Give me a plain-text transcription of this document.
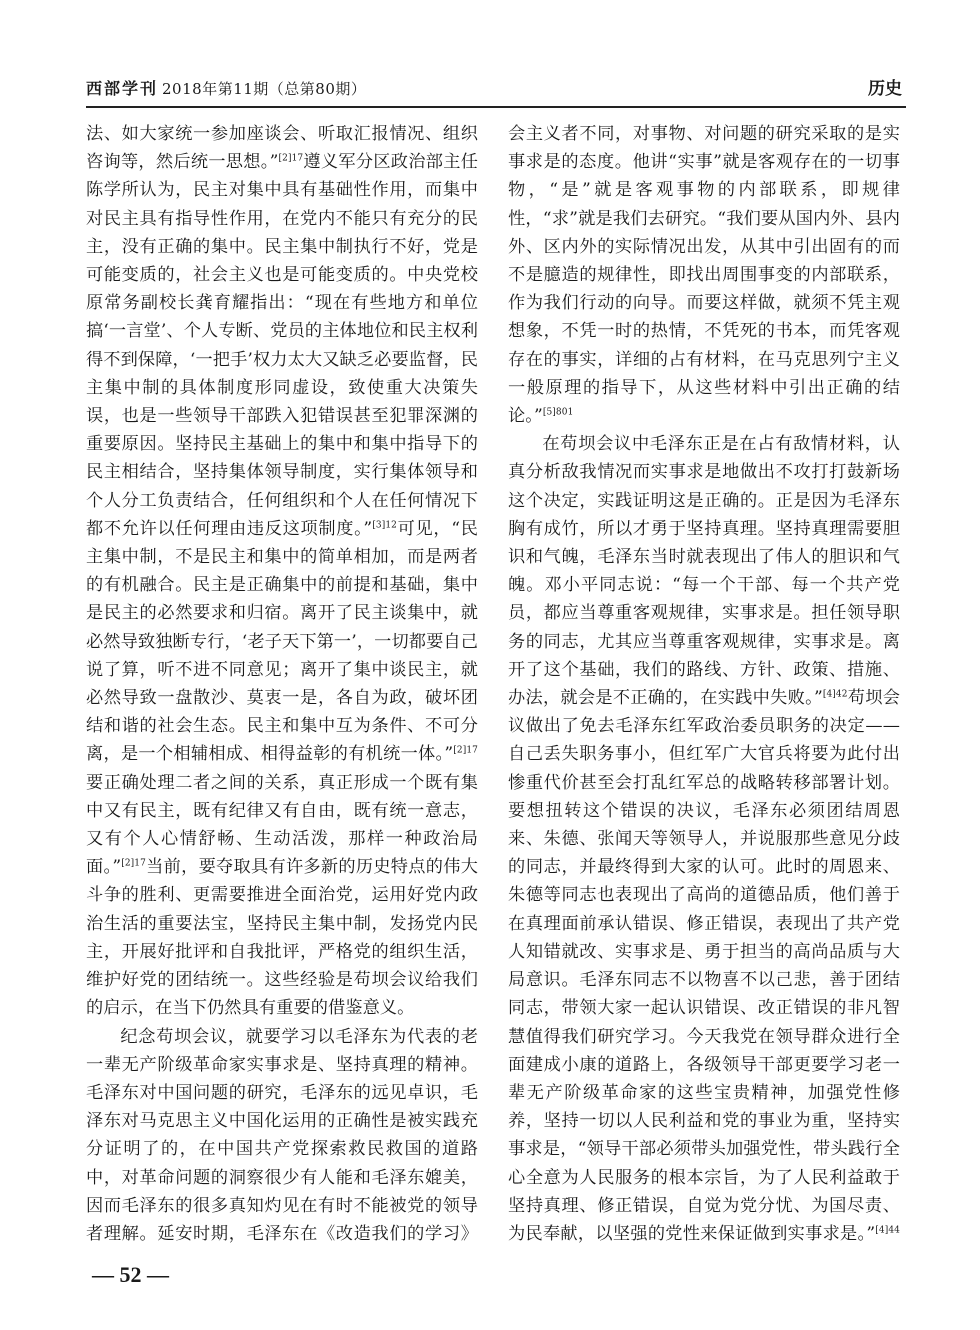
西部学刊 2018年第11期（总第80期）	历史

法、如大家统一参加座谈会、听取汇报情况、组织咨询等，然后统一思想。”$^{[2]17}$遵义军分区政治部主任陈学所认为，民主对集中具有基础性作用，而集中对民主具有指导性作用，在党内不能只有充分的民主，没有正确的集中。民主集中制执行不好，党是可能变质的，社会主义也是可能变质的。中央党校原常务副校长龚育耀指出：“现在有些地方和单位搞‘一言堂’、个人专断、党员的主体地位和民主权利得不到保障，‘一把手’权力太大又缺乏必要监督，民主集中制的具体制度形同虚设，致使重大决策失误，也是一些领导干部跌入犯错误甚至犯罪深渊的重要原因。坚持民主基础上的集中和集中指导下的民主相结合，坚持集体领导制度，实行集体领导和个人分工负责结合，任何组织和个人在任何情况下都不允许以任何理由违反这项制度。”$^{[3]12}$可见，“民主集中制，不是民主和集中的简单相加，而是两者的有机融合。民主是正确集中的前提和基础，集中是民主的必然要求和归宿。离开了民主谈集中，就必然导致独断专行，‘老子天下第一’，一切都要自己说了算，听不进不同意见；离开了集中谈民主，就必然导致一盘散沙、莫衷一是，各自为政，破坏团结和谐的社会生态。民主和集中互为条件、不可分离，是一个相辅相成、相得益彰的有机统一体。”$^{[2]17}$要正确处理二者之间的关系，真正形成一个既有集中又有民主，既有纪律又有自由，既有统一意志，又有个人心情舒畅、生动活泼，那样一种政治局面。”$^{[2]17}$当前，要夺取具有许多新的历史特点的伟大斗争的胜利、更需要推进全面治党，运用好党内政治生活的重要法宝，坚持民主集中制，发扬党内民主，开展好批评和自我批评，严格党的组织生活，维护好党的团结统一。这些经验是苟坝会议给我们的启示，在当下仍然具有重要的借鉴意义。

纪念苟坝会议，就要学习以毛泽东为代表的老一辈无产阶级革命家实事求是、坚持真理的精神。毛泽东对中国问题的研究，毛泽东的远见卓识，毛泽东对马克思主义中国化运用的正确性是被实践充分证明了的，在中国共产党探索救民救国的道路中，对革命问题的洞察很少有人能和毛泽东媲美，因而毛泽东的很多真知灼见在有时不能被党的领导者理解。延安时期，毛泽东在《改造我们的学习》

会主义者不同，对事物、对问题的研究采取的是实事求是的态度。他讲“实事”就是客观存在的一切事物，“是”就是客观事物的内部联系，即规律性，“求”就是我们去研究。“我们要从国内外、县内外、区内外的实际情况出发，从其中引出固有的而不是臆造的规律性，即找出周围事变的内部联系，作为我们行动的向导。而要这样做，就须不凭主观想象，不凭一时的热情，不凭死的书本，而凭客观存在的事实，详细的占有材料，在马克思列宁主义一般原理的指导下，从这些材料中引出正确的结论。”$^{[5]801}$

在苟坝会议中毛泽东正是在占有敌情材料，认真分析敌我情况而实事求是地做出不攻打打鼓新场这个决定，实践证明这是正确的。正是因为毛泽东胸有成竹，所以才勇于坚持真理。坚持真理需要胆识和气魄，毛泽东当时就表现出了伟人的胆识和气魄。邓小平同志说：“每一个干部、每一个共产党员，都应当尊重客观规律，实事求是。担任领导职务的同志，尤其应当尊重客观规律，实事求是。离开了这个基础，我们的路线、方针、政策、措施、办法，就会是不正确的，在实践中失败。”$^{[4]42}$苟坝会议做出了免去毛泽东红军政治委员职务的决定——自己丢失职务事小，但红军广大官兵将要为此付出惨重代价甚至会打乱红军总的战略转移部署计划。要想扭转这个错误的决议，毛泽东必须团结周恩来、朱德、张闻天等领导人，并说服那些意见分歧的同志，并最终得到大家的认可。此时的周恩来、朱德等同志也表现出了高尚的道德品质，他们善于在真理面前承认错误、修正错误，表现出了共产党人知错就改、实事求是、勇于担当的高尚品质与大局意识。毛泽东同志不以物喜不以己悲，善于团结同志，带领大家一起认识错误、改正错误的非凡智慧值得我们研究学习。今天我党在领导群众进行全面建成小康的道路上，各级领导干部更要学习老一辈无产阶级革命家的这些宝贵精神，加强党性修养，坚持一切以人民利益和党的事业为重，坚持实事求是，“领导干部必须带头加强党性，带头践行全心全意为人民服务的根本宗旨，为了人民利益敢于坚持真理、修正错误，自觉为党分忧、为国尽责、为民奉献，以坚强的党性来保证做到实事求是。”$^{[4]44}$

— 52 —
